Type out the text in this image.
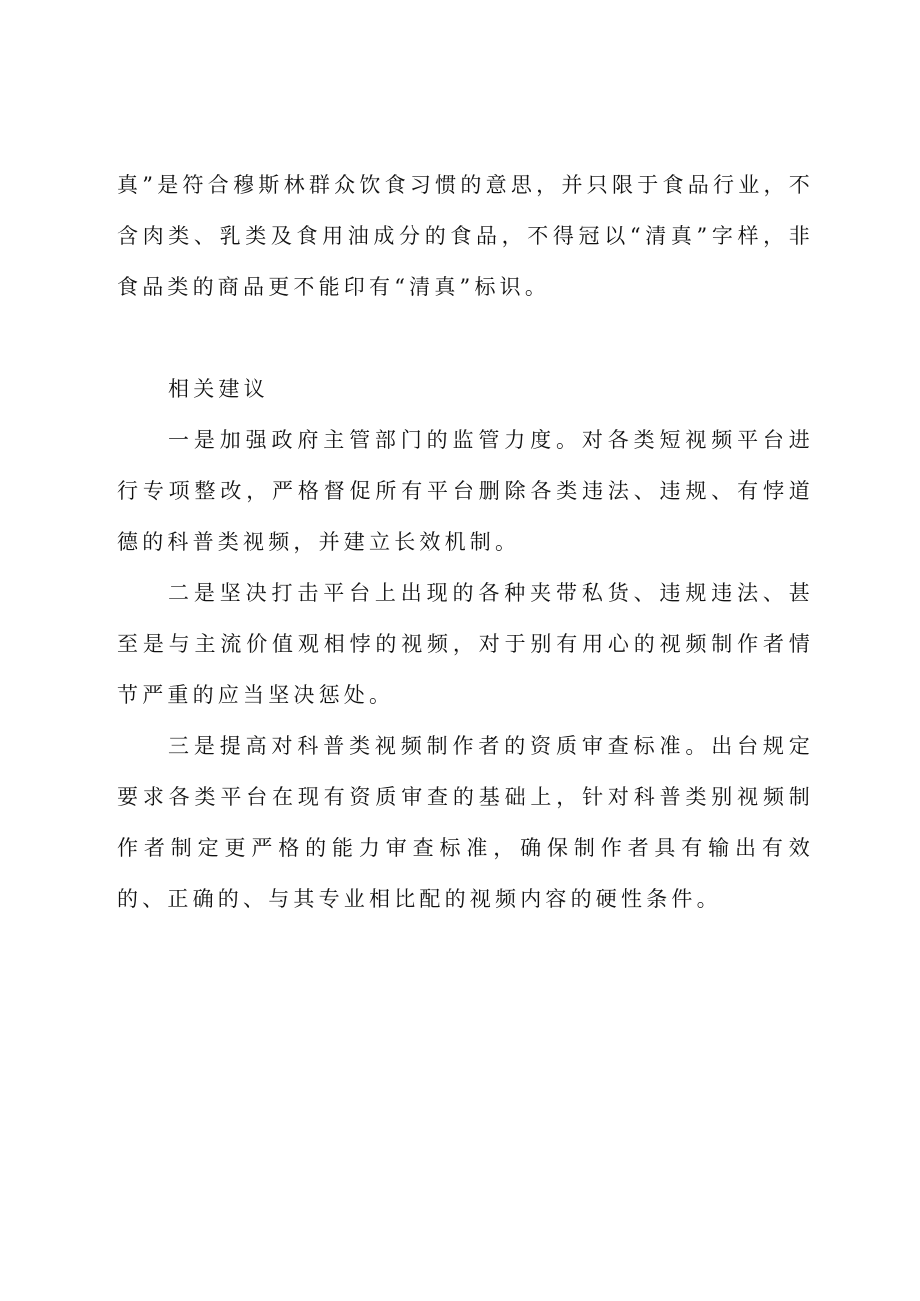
真”是符合穆斯林群众饮食习惯的意思，并只限于食品行业，不含肉类、乳类及食用油成分的食品，不得冠以“清真”字样，非食品类的商品更不能印有“清真”标识。

相关建议

一是加强政府主管部门的监管力度。对各类短视频平台进行专项整改，严格督促所有平台删除各类违法、违规、有悖道德的科普类视频，并建立长效机制。

二是坚决打击平台上出现的各种夹带私货、违规违法、甚至是与主流价值观相悖的视频，对于别有用心的视频制作者情节严重的应当坚决惩处。

三是提高对科普类视频制作者的资质审查标准。出台规定要求各类平台在现有资质审查的基础上，针对科普类别视频制作者制定更严格的能力审查标准，确保制作者具有输出有效的、正确的、与其专业相比配的视频内容的硬性条件。
